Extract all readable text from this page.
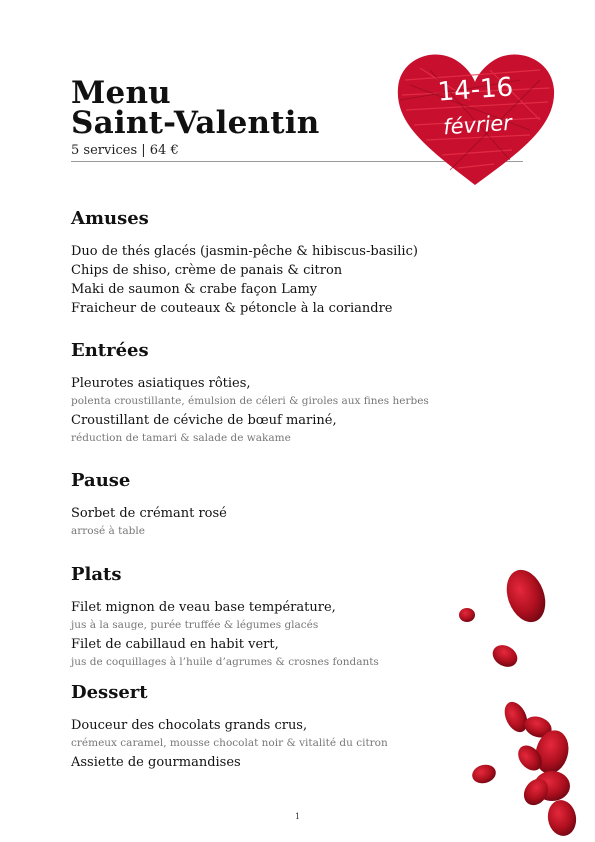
Menu
Saint-Valentin
5 services | 64 €
14-16
février
Amuses
Duo de thés glacés (jasmin-pêche & hibiscus-basilic)
Chips de shiso, crème de panais & citron
Maki de saumon & crabe façon Lamy
Fraicheur de couteaux & pétoncle à la coriandre
Entrées
Pleurotes asiatiques rôties,
polenta croustillante, émulsion de céleri & giroles aux fines herbes
Croustillant de céviche de bœuf mariné,
réduction de tamari & salade de wakame
Pause
Sorbet de crémant rosé
arrosé à table
Plats
Filet mignon de veau base température,
jus à la sauge, purée truffée & légumes glacés
Filet de cabillaud en habit vert,
jus de coquillages à l’huile d’agrumes & crosnes fondants
Dessert
Douceur des chocolats grands crus,
crémeux caramel, mousse chocolat noir & vitalité du citron
Assiette de gourmandises
1
